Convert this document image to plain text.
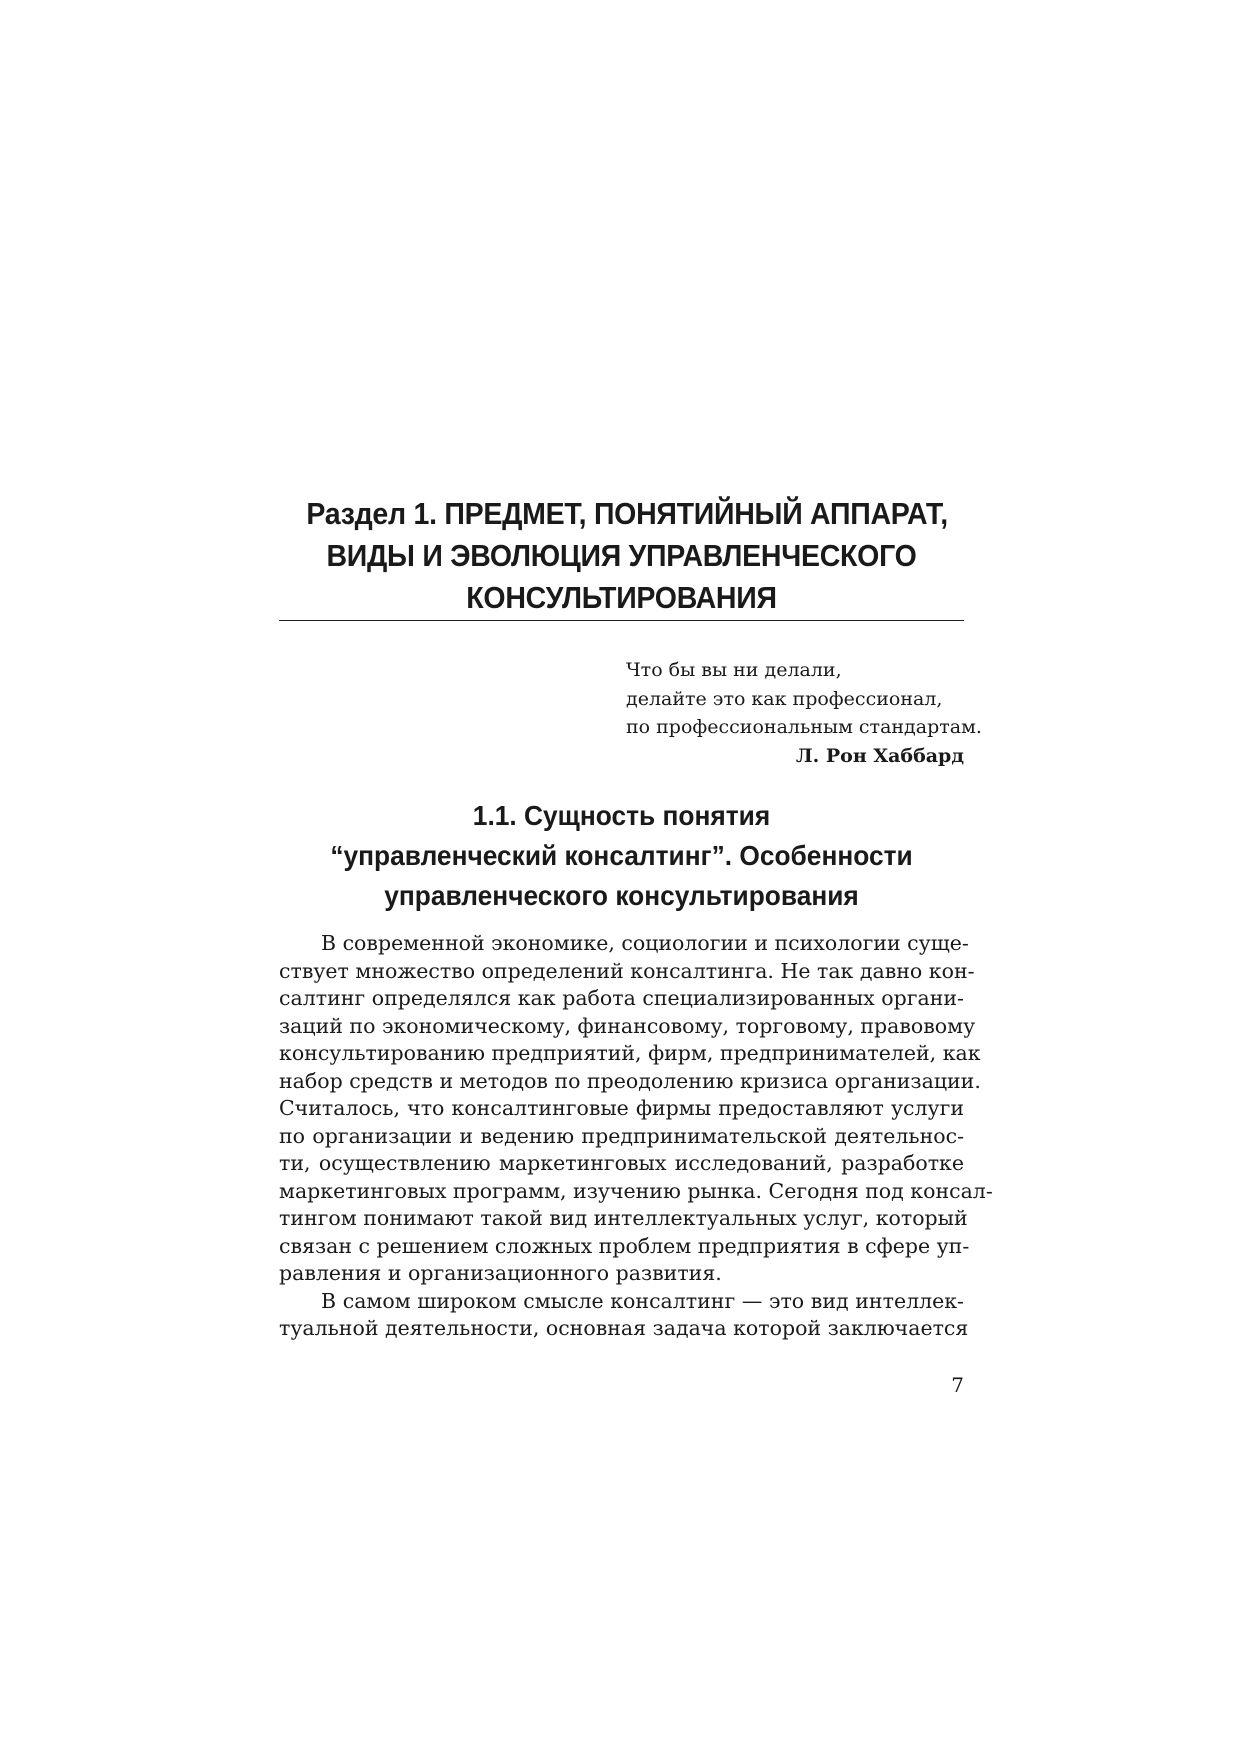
Раздел 1. ПРЕДМЕТ, ПОНЯТИЙНЫЙ АППАРАТ,
ВИДЫ И ЭВОЛЮЦИЯ УПРАВЛЕНЧЕСКОГО
КОНСУЛЬТИРОВАНИЯ
Что бы вы ни делали,
делайте это как профессионал,
по профессиональным стандартам.
Л. Рон Хаббард
1.1. Сущность понятия
“управленческий консалтинг”. Особенности
управленческого консультирования
В современной экономике, социологии и психологии суще-
ствует множество определений консалтинга. Не так давно кон-
салтинг определялся как работа специализированных органи-
заций по экономическому, финансовому, торговому, правовому
консультированию предприятий, фирм, предпринимателей, как
набор средств и методов по преодолению кризиса организации.
Считалось, что консалтинговые фирмы предоставляют услуги
по организации и ведению предпринимательской деятельнос-
ти, осуществлению маркетинговых исследований, разработке
маркетинговых программ, изучению рынка. Сегодня под консал-
тингом понимают такой вид интеллектуальных услуг, который
связан с решением сложных проблем предприятия в сфере уп-
равления и организационного развития.
В самом широком смысле консалтинг — это вид интеллек-
туальной деятельности, основная задача которой заключается
7
